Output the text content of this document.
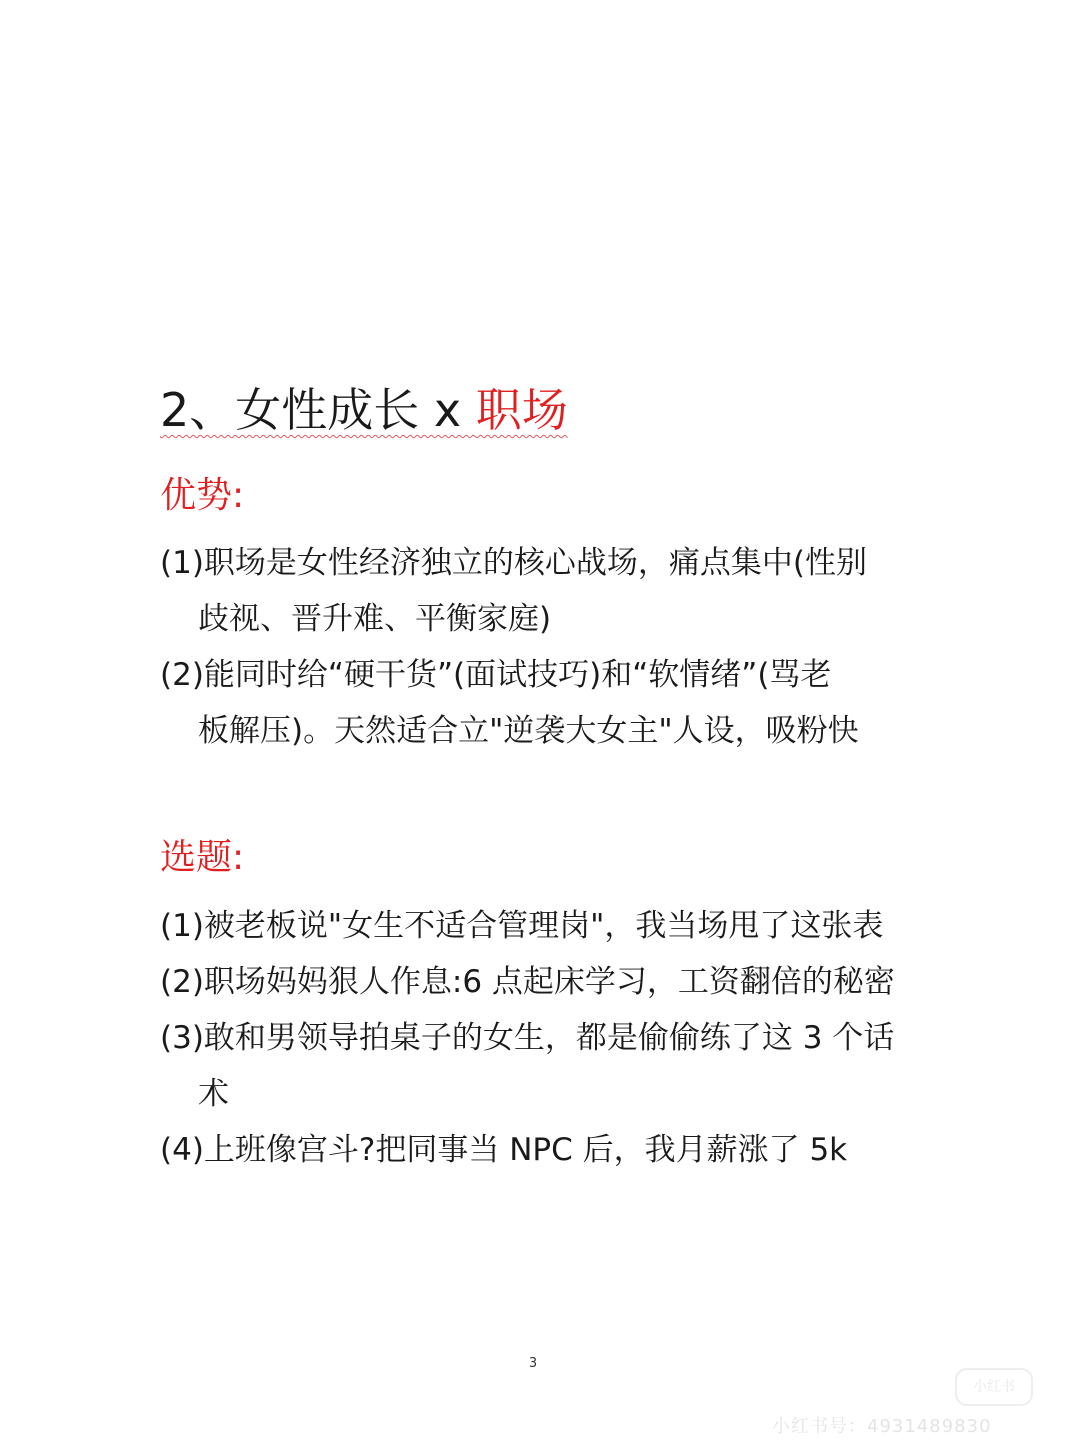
2、女性成长 x 职场
优势:
(1)职场是女性经济独立的核心战场，痛点集中(性别
歧视、晋升难、平衡家庭)
(2)能同时给“硬干货”(面试技巧)和“软情绪”(骂老
板解压)。天然适合立"逆袭大女主"人设，吸粉快
选题:
(1)被老板说"女生不适合管理岗"，我当场甩了这张表
(2)职场妈妈狠人作息:6 点起床学习，工资翻倍的秘密
(3)敢和男领导拍桌子的女生，都是偷偷练了这 3 个话
术
(4)上班像宫斗?把同事当 NPC 后，我月薪涨了 5k
3
小红书
小红书号：4931489830
